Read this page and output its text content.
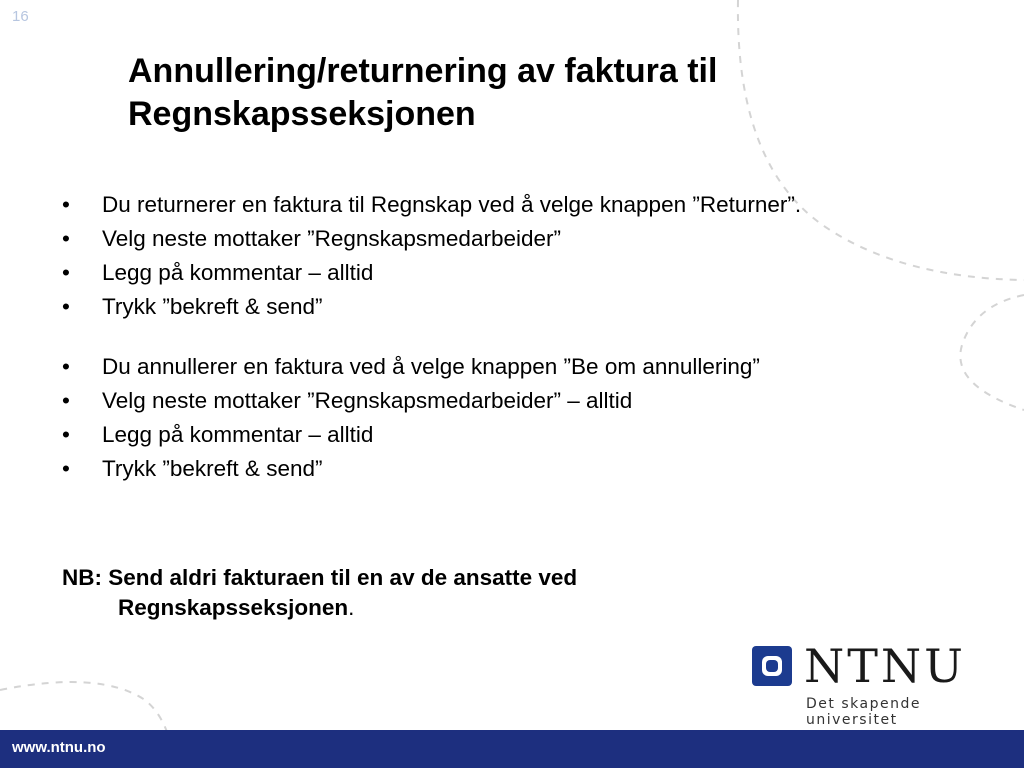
16
Annullering/returnering av faktura til
Regnskapsseksjonen
• Du returnerer en faktura til Regnskap ved å velge knappen ”Returner”.
• Velg neste mottaker ”Regnskapsmedarbeider”
• Legg på kommentar – alltid
• Trykk ”bekreft & send”
• Du annullerer en faktura ved å velge knappen ”Be om annullering”
• Velg neste mottaker ”Regnskapsmedarbeider” – alltid
• Legg på kommentar – alltid
• Trykk ”bekreft & send”

NB: Send aldri fakturaen til en av de ansatte ved
Regnskapsseksjonen.

NTNU
Det skapende universitet
www.ntnu.no
